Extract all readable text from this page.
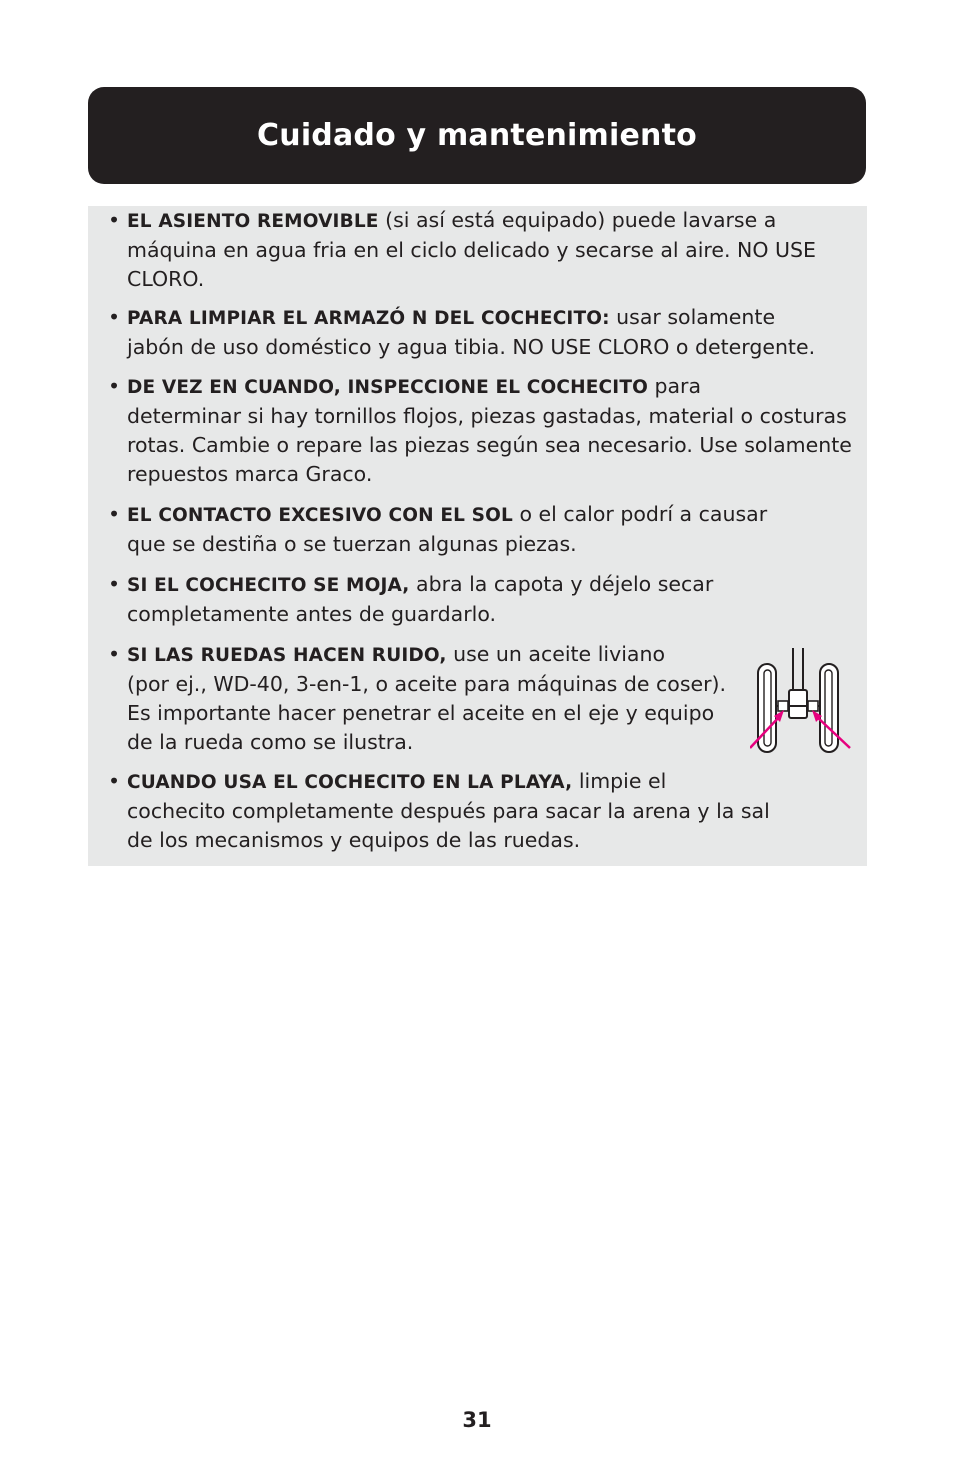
Cuidado y mantenimiento
• EL ASIENTO REMOVIBLE (si así está equipado) puede lavarse a
máquina en agua fria en el ciclo delicado y secarse al aire. NO USE
CLORO.
• PARA LIMPIAR EL ARMAZÓ N DEL COCHECITO: usar solamente
jabón de uso doméstico y agua tibia. NO USE CLORO o detergente.
• DE VEZ EN CUANDO, INSPECCIONE EL COCHECITO para
determinar si hay tornillos flojos, piezas gastadas, material o costuras
rotas. Cambie o repare las piezas según sea necesario. Use solamente
repuestos marca Graco.
• EL CONTACTO EXCESIVO CON EL SOL o el calor podrí a causar
que se destiña o se tuerzan algunas piezas.
• SI EL COCHECITO SE MOJA, abra la capota y déjelo secar
completamente antes de guardarlo.
• SI LAS RUEDAS HACEN RUIDO, use un aceite liviano
(por ej., WD-40, 3-en-1, o aceite para máquinas de coser).
Es importante hacer penetrar el aceite en el eje y equipo
de la rueda como se ilustra.
• CUANDO USA EL COCHECITO EN LA PLAYA, limpie el
cochecito completamente después para sacar la arena y la sal
de los mecanismos y equipos de las ruedas.
31
